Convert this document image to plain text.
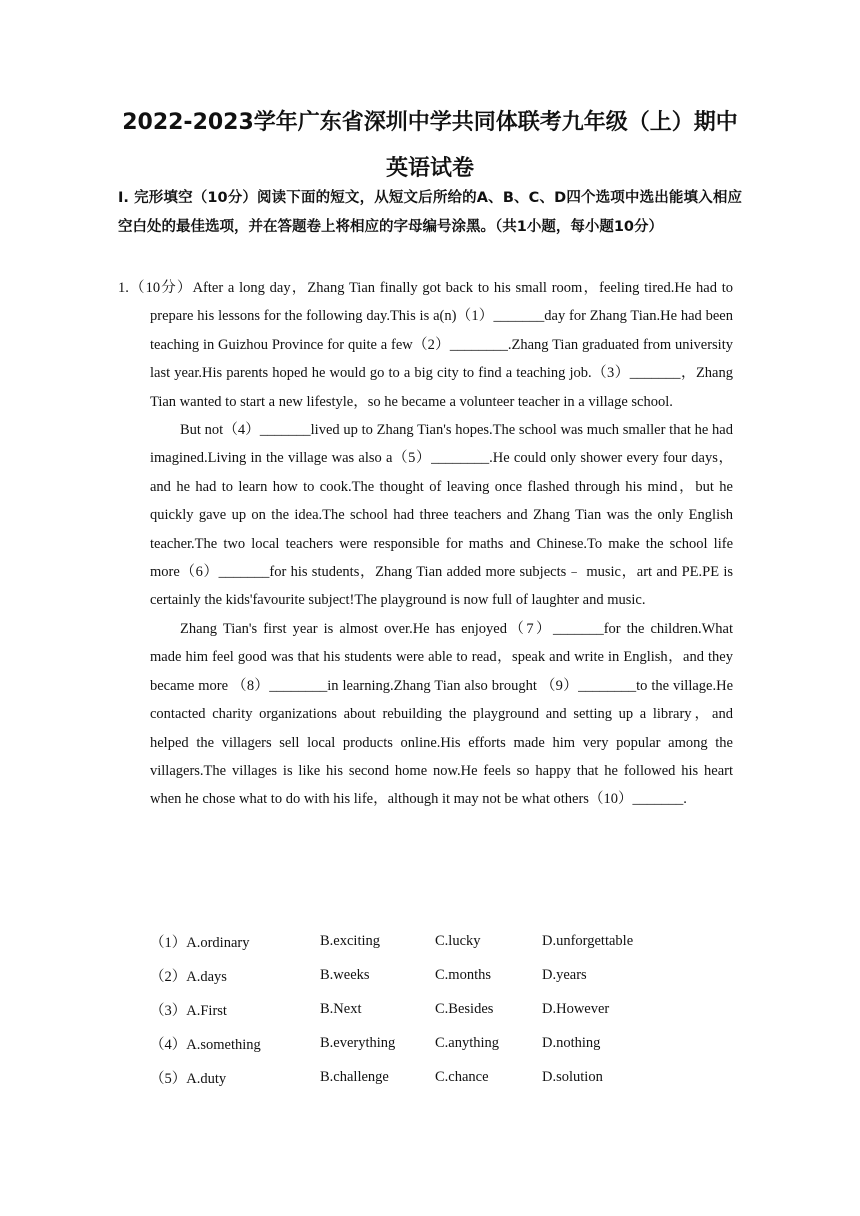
2022-2023学年广东省深圳中学共同体联考九年级（上）期中英语试卷
I. 完形填空（10分）阅读下面的短文，从短文后所给的A、B、C、D四个选项中选出能填入相应空白处的最佳选项，并在答题卷上将相应的字母编号涂黑。（共1小题，每小题10分）

1.（10分）After a long day，Zhang Tian finally got back to his small room，feeling tired.He had to prepare his lessons for the following day.This is a(n)（1）_______day for Zhang Tian.He had been teaching in Guizhou Province for quite a few（2）________.Zhang Tian graduated from university last year.His parents hoped he would go to a big city to find a teaching job.（3）_______，Zhang Tian wanted to start a new lifestyle，so he became a volunteer teacher in a village school.

But not（4）_______lived up to Zhang Tian's hopes.The school was much smaller that he had imagined.Living in the village was also a（5）________.He could only shower every four days，and he had to learn how to cook.The thought of leaving once flashed through his mind，but he quickly gave up on the idea.The school had three teachers and Zhang Tian was the only English teacher.The two local teachers were responsible for maths and Chinese.To make the school life more（6）_______for his students，Zhang Tian added more subjects﹣ music，art and PE.PE is certainly the kids'favourite subject!The playground is now full of laughter and music.

Zhang Tian's first year is almost over.He has enjoyed（7）_______for the children.What made him feel good was that his students were able to read，speak and write in English，and they became more （8）________in learning.Zhang Tian also brought （9）________to the village.He contacted charity organizations about rebuilding the playground and setting up a library，and helped the villagers sell local products online.His efforts made him very popular among the villagers.The villages is like his second home now.He feels so happy that he followed his heart when he chose what to do with his life，although it may not be what others（10）_______.

（1）A.ordinary	B.exciting	C.lucky	D.unforgettable
（2）A.days	B.weeks	C.months	D.years
（3）A.First	B.Next	C.Besides	D.However
（4）A.something	B.everything	C.anything	D.nothing
（5）A.duty	B.challenge	C.chance	D.solution
